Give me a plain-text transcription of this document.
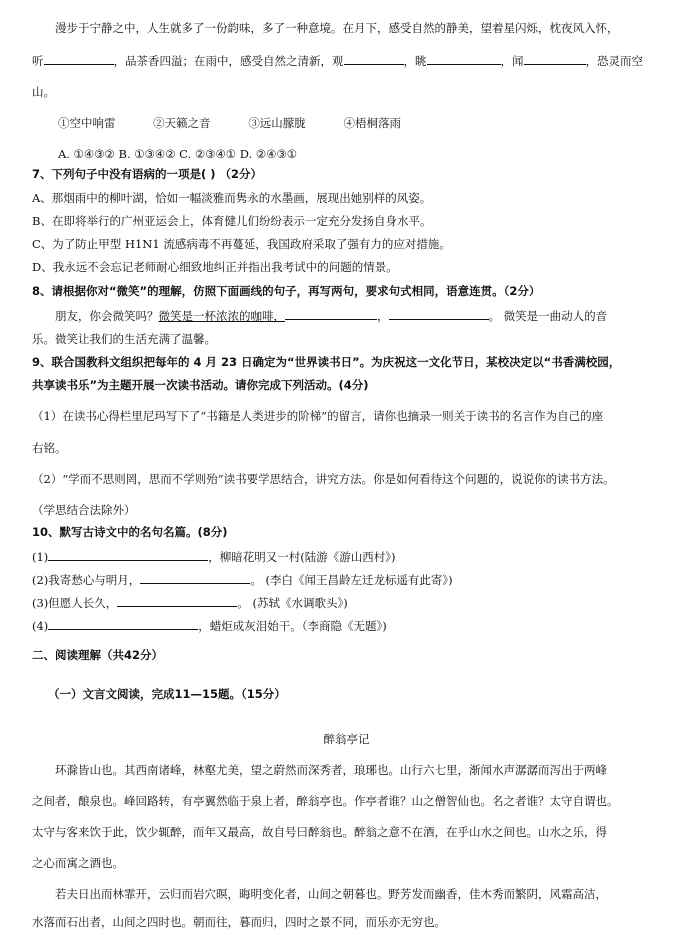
漫步于宁静之中，人生就多了一份韵味，多了一种意境。在月下，感受自然的静美，望着星闪烁，枕夜风入怀，
听	，品茶香四溢；在雨中，感受自然之清新，观	，眺	，闻	，恐灵而空
山。
①空中响雷	②天籁之音	③远山朦胧	④梧桐落雨
A. ①④③② B. ①③④② C. ②③④① D. ②④③①
7、下列句子中没有语病的一项是( ) （2分）
A、那烟雨中的柳叶湖，恰如一幅淡雅而隽永的水墨画，展现出她别样的风姿。
B、在即将举行的广州亚运会上，体育健儿们纷纷表示一定充分发扬自身水平。
C、为了防止甲型 H1N1 流感病毒不再蔓延，我国政府采取了强有力的应对措施。
D、我永远不会忘记老师耐心细致地纠正并指出我考试中的问题的情景。
8、请根据你对“微笑”的理解，仿照下面画线的句子，再写两句，要求句式相同，语意连贯。（2分）
朋友，你会微笑吗？微笑是一杯浓浓的咖啡，	，	。 微笑是一曲动人的音
乐。微笑让我们的生活充满了温馨。
9、联合国教科文组织把每年的 4 月 23 日确定为“世界读书日”。为庆祝这一文化节日，某校决定以“书香满校园，
共享读书乐”为主题开展一次读书活动。请你完成下列活动。(4分)
（1）在读书心得栏里尼玛写下了“书籍是人类进步的阶梯”的留言，请你也摘录一则关于读书的名言作为自己的座
右铭。
（2）“学而不思则罔，思而不学则殆”读书要学思结合，讲究方法。你是如何看待这个问题的，说说你的读书方法。
（学思结合法除外）
10、默写古诗文中的名句名篇。(8分)
(1)	，柳暗花明又一村(陆游《游山西村》)
(2)我寄愁心与明月，	。 (李白《闻王昌龄左迁龙标遥有此寄》)
(3)但愿人长久，	。 (苏轼《水调歌头》)
(4)	，蜡炬成灰泪始干。（李商隐《无题》)
二、阅读理解（共42分）
（一）文言文阅读，完成11—15题。（15分）
醉翁亭记
环滁皆山也。其西南诸峰，林壑尤美，望之蔚然而深秀者，琅琊也。山行六七里，渐闻水声潺潺而泻出于两峰
之间者，酿泉也。峰回路转，有亭翼然临于泉上者，醉翁亭也。作亭者谁？山之僧智仙也。名之者谁？太守自谓也。
太守与客来饮于此，饮少辄醉，而年又最高，故自号曰醉翁也。醉翁之意不在酒，在乎山水之间也。山水之乐，得
之心而寓之酒也。
若夫日出而林霏开，云归而岩穴暝，晦明变化者，山间之朝暮也。野芳发而幽香，佳木秀而繁阴，风霜高洁，
水落而石出者，山间之四时也。朝而往，暮而归，四时之景不同，而乐亦无穷也。
